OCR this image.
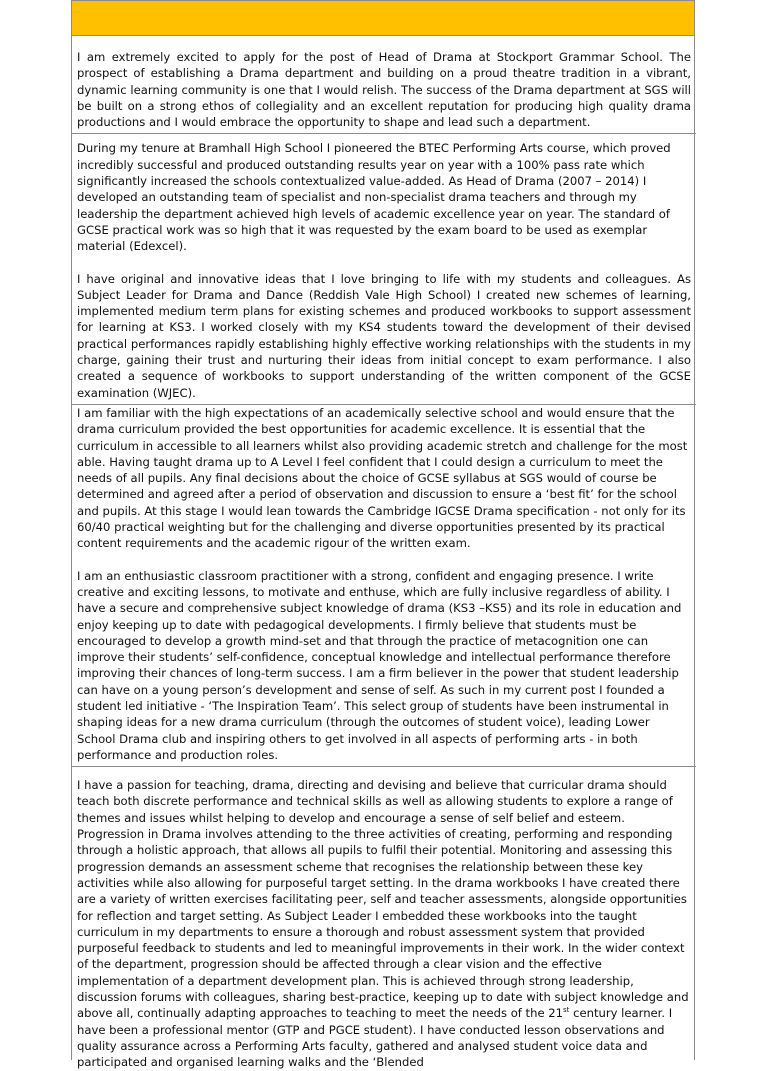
I am extremely excited to apply for the post of Head of Drama at Stockport Grammar School. The prospect of establishing a Drama department and building on a proud theatre tradition in a vibrant, dynamic learning community is one that I would relish. The success of the Drama department at SGS will be built on a strong ethos of collegiality and an excellent reputation for producing high quality drama productions and I would embrace the opportunity to shape and lead such a department.

During my tenure at Bramhall High School I pioneered the BTEC Performing Arts course, which proved incredibly successful and produced outstanding results year on year with a 100% pass rate which significantly increased the schools contextualized value-added. As Head of Drama (2007 – 2014) I developed an outstanding team of specialist and non-specialist drama teachers and through my leadership the department achieved high levels of academic excellence year on year. The standard of GCSE practical work was so high that it was requested by the exam board to be used as exemplar material (Edexcel).

I have original and innovative ideas that I love bringing to life with my students and colleagues. As Subject Leader for Drama and Dance (Reddish Vale High School) I created new schemes of learning, implemented medium term plans for existing schemes and produced workbooks to support assessment for learning at KS3. I worked closely with my KS4 students toward the development of their devised practical performances rapidly establishing highly effective working relationships with the students in my charge, gaining their trust and nurturing their ideas from initial concept to exam performance. I also created a sequence of workbooks to support understanding of the written component of the GCSE examination (WJEC).

I am familiar with the high expectations of an academically selective school and would ensure that the drama curriculum provided the best opportunities for academic excellence. It is essential that the curriculum in accessible to all learners whilst also providing academic stretch and challenge for the most able. Having taught drama up to A Level I feel confident that I could design a curriculum to meet the needs of all pupils. Any final decisions about the choice of GCSE syllabus at SGS would of course be determined and agreed after a period of observation and discussion to ensure a ‘best fit’ for the school and pupils. At this stage I would lean towards the Cambridge IGCSE Drama specification - not only for its 60/40 practical weighting but for the challenging and diverse opportunities presented by its practical content requirements and the academic rigour of the written exam.

I am an enthusiastic classroom practitioner with a strong, confident and engaging presence. I write creative and exciting lessons, to motivate and enthuse, which are fully inclusive regardless of ability. I have a secure and comprehensive subject knowledge of drama (KS3 –KS5) and its role in education and enjoy keeping up to date with pedagogical developments. I firmly believe that students must be encouraged to develop a growth mind-set and that through the practice of metacognition one can improve their students’ self-confidence, conceptual knowledge and intellectual performance therefore improving their chances of long-term success. I am a firm believer in the power that student leadership can have on a young person’s development and sense of self. As such in my current post I founded a student led initiative - ‘The Inspiration Team’. This select group of students have been instrumental in shaping ideas for a new drama curriculum (through the outcomes of student voice), leading Lower School Drama club and inspiring others to get involved in all aspects of performing arts - in both performance and production roles.

I have a passion for teaching, drama, directing and devising and believe that curricular drama should teach both discrete performance and technical skills as well as allowing students to explore a range of themes and issues whilst helping to develop and encourage a sense of self belief and esteem. Progression in Drama involves attending to the three activities of creating, performing and responding through a holistic approach, that allows all pupils to fulfil their potential. Monitoring and assessing this progression demands an assessment scheme that recognises the relationship between these key activities while also allowing for purposeful target setting. In the drama workbooks I have created there are a variety of written exercises facilitating peer, self and teacher assessments, alongside opportunities for reflection and target setting. As Subject Leader I embedded these workbooks into the taught curriculum in my departments to ensure a thorough and robust assessment system that provided purposeful feedback to students and led to meaningful improvements in their work. In the wider context of the department, progression should be affected through a clear vision and the effective implementation of a department development plan. This is achieved through strong leadership, discussion forums with colleagues, sharing best-practice, keeping up to date with subject knowledge and above all, continually adapting approaches to teaching to meet the needs of the 21st century learner. I have been a professional mentor (GTP and PGCE student). I have conducted lesson observations and quality assurance across a Performing Arts faculty, gathered and analysed student voice data and participated and organised learning walks and the ‘Blended
